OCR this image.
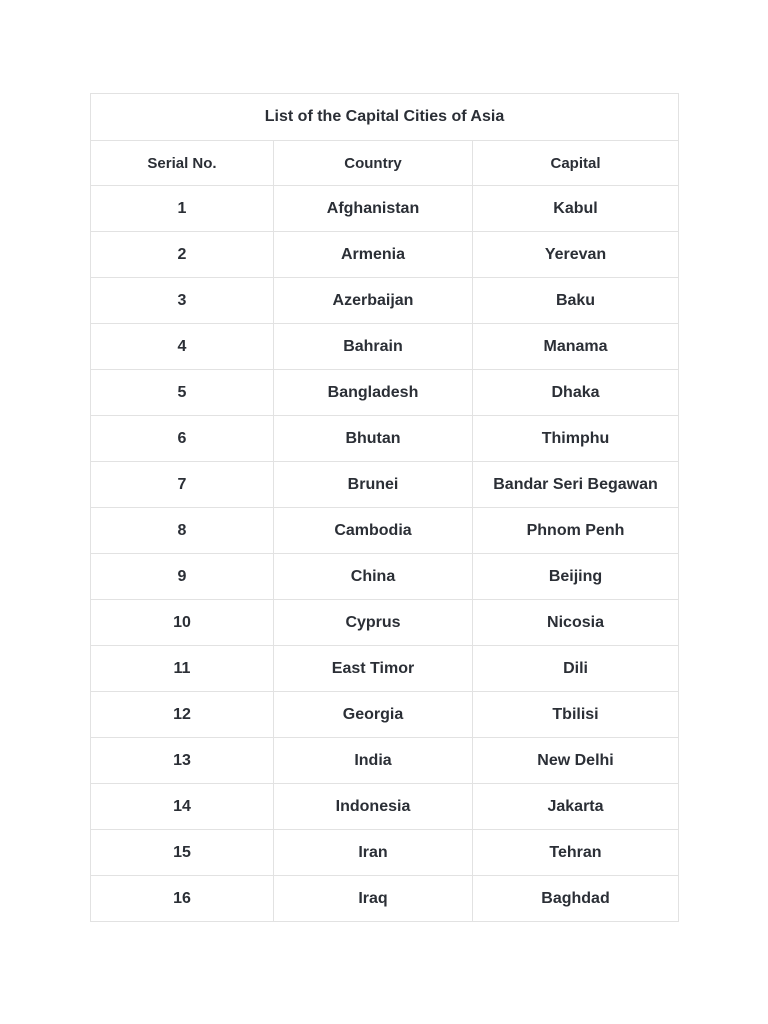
List of the Capital Cities of Asia		
Serial No.	Country	Capital
1	Afghanistan	Kabul
2	Armenia	Yerevan
3	Azerbaijan	Baku
4	Bahrain	Manama
5	Bangladesh	Dhaka
6	Bhutan	Thimphu
7	Brunei	Bandar Seri Begawan
8	Cambodia	Phnom Penh
9	China	Beijing
10	Cyprus	Nicosia
11	East Timor	Dili
12	Georgia	Tbilisi
13	India	New Delhi
14	Indonesia	Jakarta
15	Iran	Tehran
16	Iraq	Baghdad
